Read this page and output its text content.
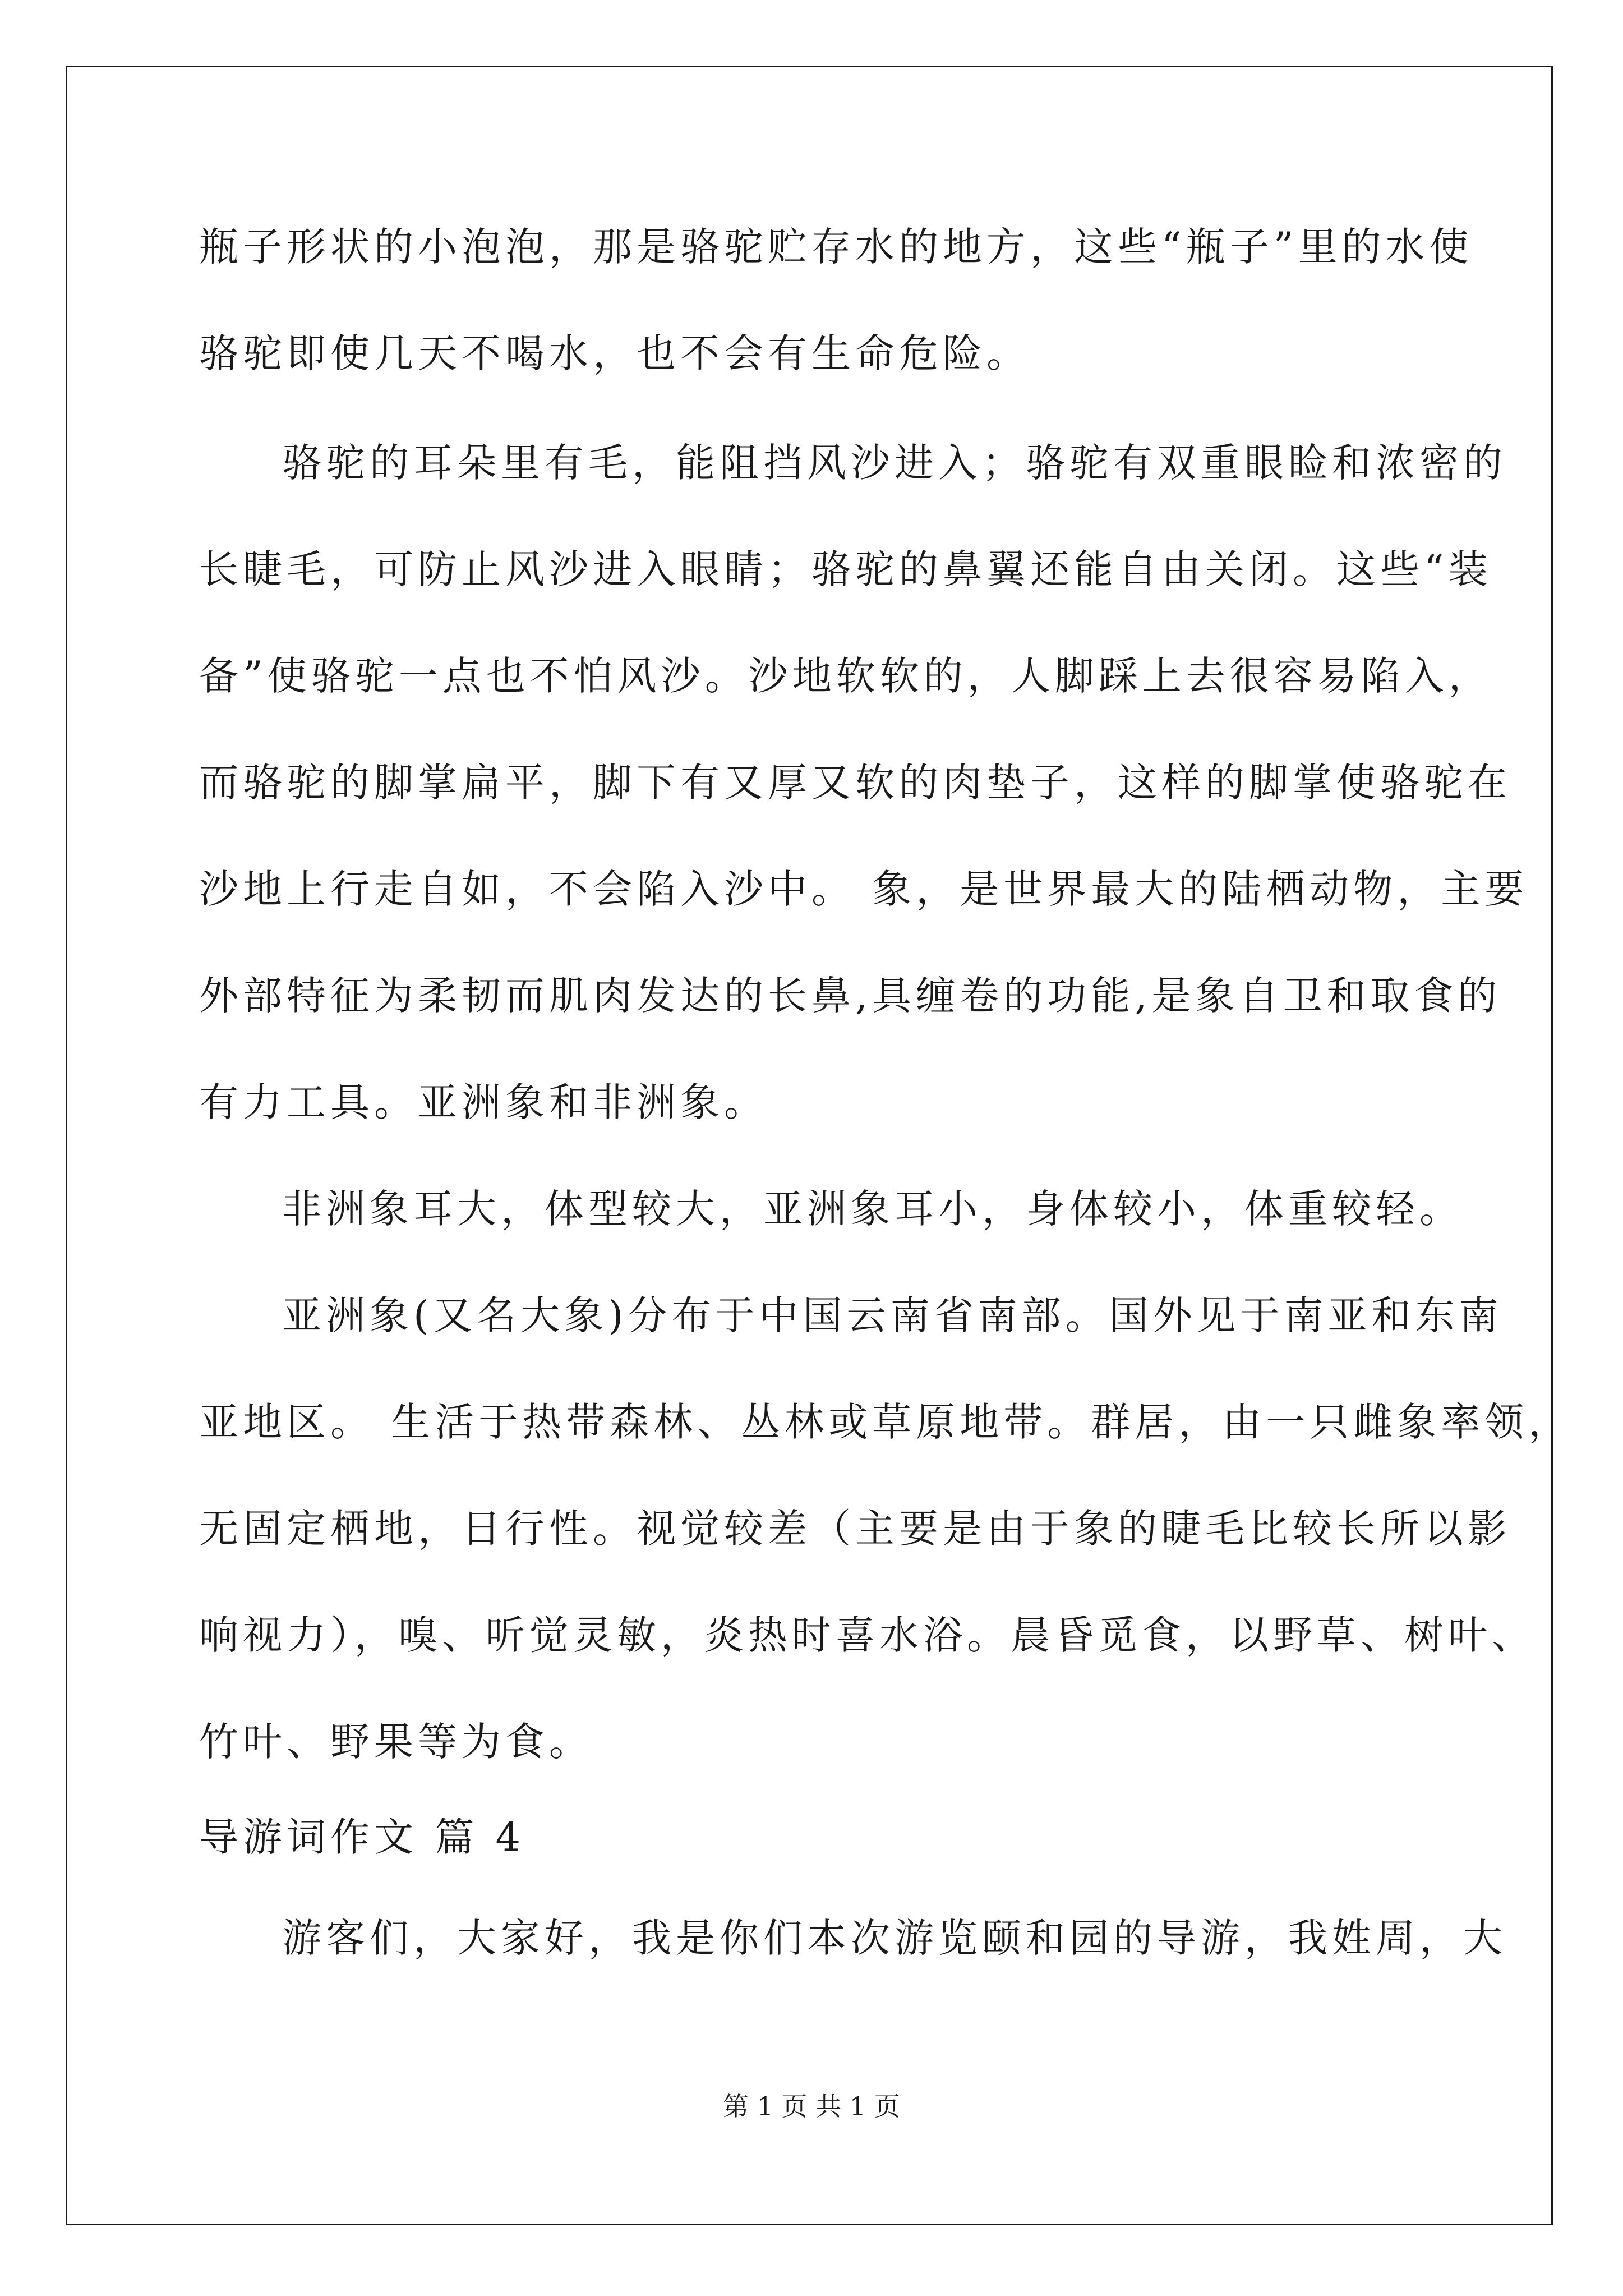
瓶子形状的小泡泡，那是骆驼贮存水的地方，这些“瓶子”里的水使
骆驼即使几天不喝水，也不会有生命危险。
骆驼的耳朵里有毛，能阻挡风沙进入；骆驼有双重眼睑和浓密的
长睫毛，可防止风沙进入眼睛；骆驼的鼻翼还能自由关闭。这些“装
备”使骆驼一点也不怕风沙。沙地软软的，人脚踩上去很容易陷入，
而骆驼的脚掌扁平，脚下有又厚又软的肉垫子，这样的脚掌使骆驼在
沙地上行走自如，不会陷入沙中。 象，是世界最大的陆栖动物，主要
外部特征为柔韧而肌肉发达的长鼻,具缠卷的功能,是象自卫和取食的
有力工具。亚洲象和非洲象。
非洲象耳大，体型较大，亚洲象耳小，身体较小，体重较轻。
亚洲象(又名大象)分布于中国云南省南部。国外见于南亚和东南
亚地区。 生活于热带森林、丛林或草原地带。群居，由一只雌象率领，
无固定栖地，日行性。视觉较差（主要是由于象的睫毛比较长所以影
响视力），嗅、听觉灵敏，炎热时喜水浴。晨昏觅食，以野草、树叶、
竹叶、野果等为食。
导游词作文 篇 4
游客们，大家好，我是你们本次游览颐和园的导游，我姓周，大
第 1 页 共 1 页
